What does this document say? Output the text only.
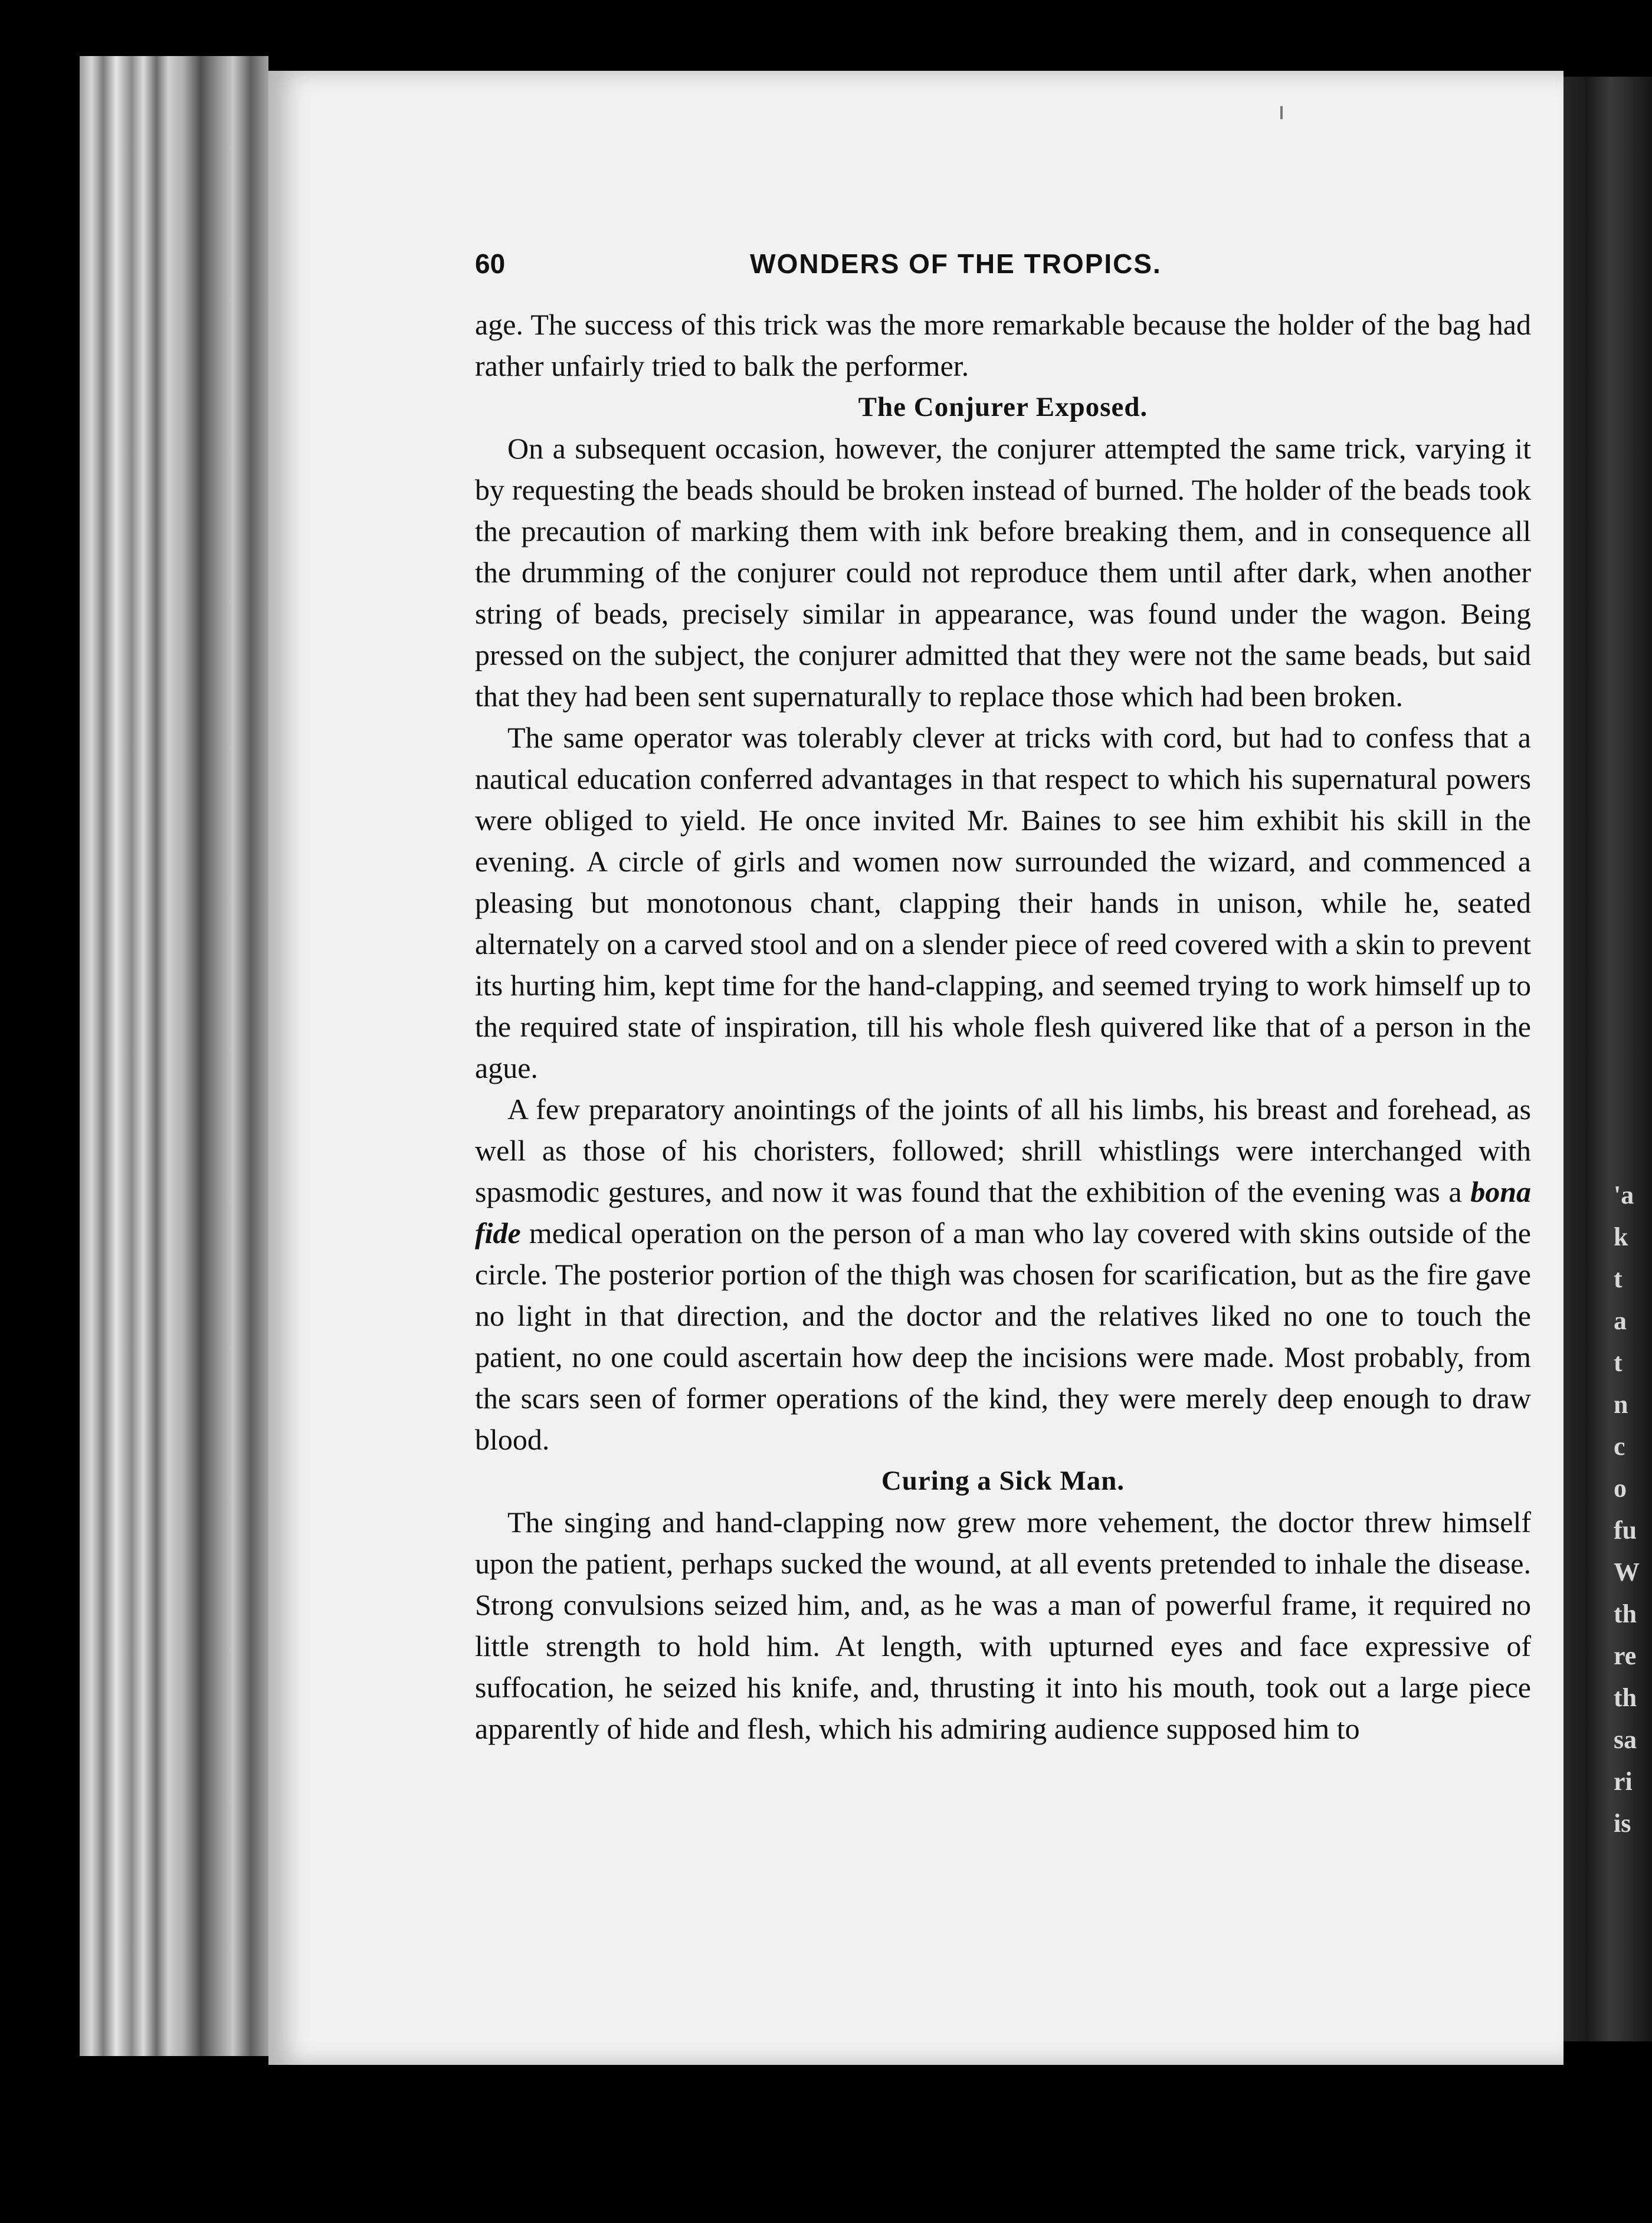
'a
k
t
a
t
n
c
o
fu
W
th
re
th
sa
ri
is
60	WONDERS OF THE TROPICS.

age. The success of this trick was the more remarkable because the holder of the bag had rather unfairly tried to balk the performer.

The Conjurer Exposed.

On a subsequent occasion, however, the conjurer attempted the same trick, varying it by requesting the beads should be broken instead of burned. The holder of the beads took the precaution of marking them with ink before breaking them, and in consequence all the drumming of the conjurer could not reproduce them until after dark, when another string of beads, precisely similar in appearance, was found under the wagon. Being pressed on the subject, the conjurer admitted that they were not the same beads, but said that they had been sent supernaturally to replace those which had been broken.

The same operator was tolerably clever at tricks with cord, but had to confess that a nautical education conferred advantages in that respect to which his supernatural powers were obliged to yield. He once invited Mr. Baines to see him exhibit his skill in the evening. A circle of girls and women now surrounded the wizard, and commenced a pleasing but monotonous chant, clapping their hands in unison, while he, seated alternately on a carved stool and on a slender piece of reed covered with a skin to prevent its hurting him, kept time for the hand-clapping, and seemed trying to work himself up to the required state of inspiration, till his whole flesh quivered like that of a person in the ague.

A few preparatory anointings of the joints of all his limbs, his breast and forehead, as well as those of his choristers, followed; shrill whistlings were interchanged with spasmodic gestures, and now it was found that the exhibition of the evening was a bona fide medical operation on the person of a man who lay covered with skins outside of the circle. The posterior portion of the thigh was chosen for scarification, but as the fire gave no light in that direction, and the doctor and the relatives liked no one to touch the patient, no one could ascertain how deep the incisions were made. Most probably, from the scars seen of former operations of the kind, they were merely deep enough to draw blood.

Curing a Sick Man.

The singing and hand-clapping now grew more vehement, the doctor threw himself upon the patient, perhaps sucked the wound, at all events pretended to inhale the disease. Strong convulsions seized him, and, as he was a man of powerful frame, it required no little strength to hold him. At length, with upturned eyes and face expressive of suffocation, he seized his knife, and, thrusting it into his mouth, took out a large piece apparently of hide and flesh, which his admiring audience supposed him to
